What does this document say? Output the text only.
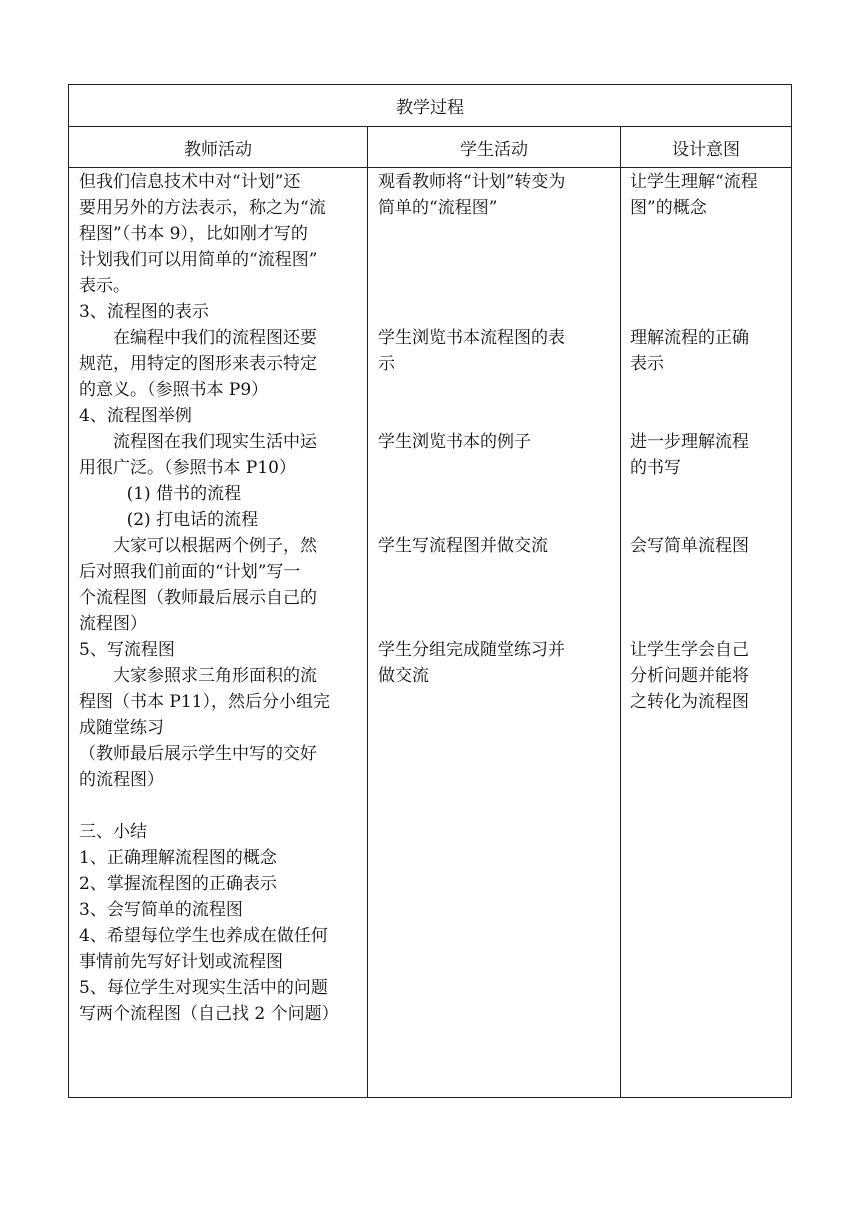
教学过程
教师活动	学生活动	设计意图

但我们信息技术中对“计划”还

要用另外的方法表示，称之为“流

程图”（书本 9），比如刚才写的

计划我们可以用简单的“流程图”

表示。

3、流程图的表示

在编程中我们的流程图还要

规范，用特定的图形来表示特定

的意义。（参照书本 P9）

4、流程图举例

流程图在我们现实生活中运

用很广泛。（参照书本 P10）

(1) 借书的流程

(2) 打电话的流程

大家可以根据两个例子，然

后对照我们前面的“计划”写一

个流程图（教师最后展示自己的

流程图）

5、写流程图

大家参照求三角形面积的流

程图（书本 P11），然后分小组完

成随堂练习

（教师最后展示学生中写的交好

的流程图）

三、小结

1、正确理解流程图的概念

2、掌握流程图的正确表示

3、会写简单的流程图

4、希望每位学生也养成在做任何

事情前先写好计划或流程图

5、每位学生对现实生活中的问题

写两个流程图（自己找 2 个问题）

观看教师将“计划”转变为

简单的“流程图”

学生浏览书本流程图的表

示

学生浏览书本的例子

学生写流程图并做交流

学生分组完成随堂练习并

做交流

让学生理解“流程

图”的概念

理解流程的正确

表示

进一步理解流程

的书写

会写简单流程图

让学生学会自己

分析问题并能将

之转化为流程图
